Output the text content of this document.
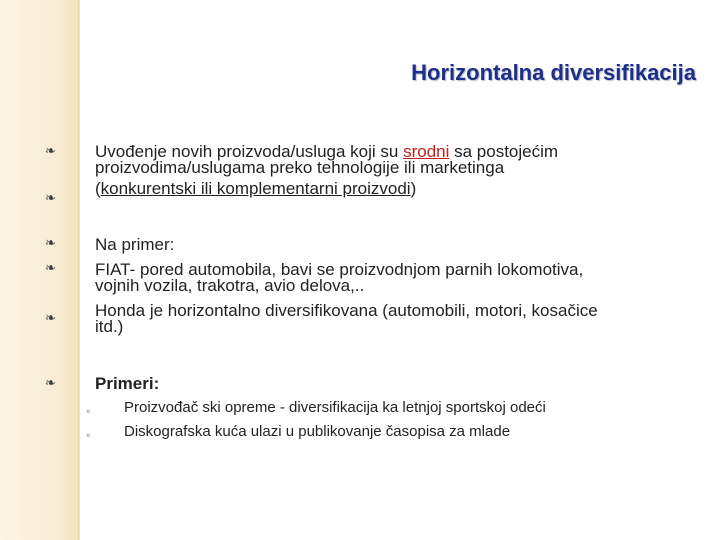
Horizontalna diversifikacija
❧
❧
Uvođenje novih proizvoda/usluga koji su srodni sa postojećim
proizvodima/uslugama preko tehnologije ili marketinga
(konkurentski ili komplementarni proizvodi)
❧
❧
❧
Na primer:
FIAT- pored automobila, bavi se proizvodnjom parnih lokomotiva,
vojnih vozila, trakotra, avio delova,..
Honda je horizontalno diversifikovana (automobili, motori, kosačice
itd.)
❧ Primeri:
◦ Proizvođač ski opreme - diversifikacija ka letnjoj sportskoj odeći
◦ Diskografska kuća ulazi u publikovanje časopisa za mlade
